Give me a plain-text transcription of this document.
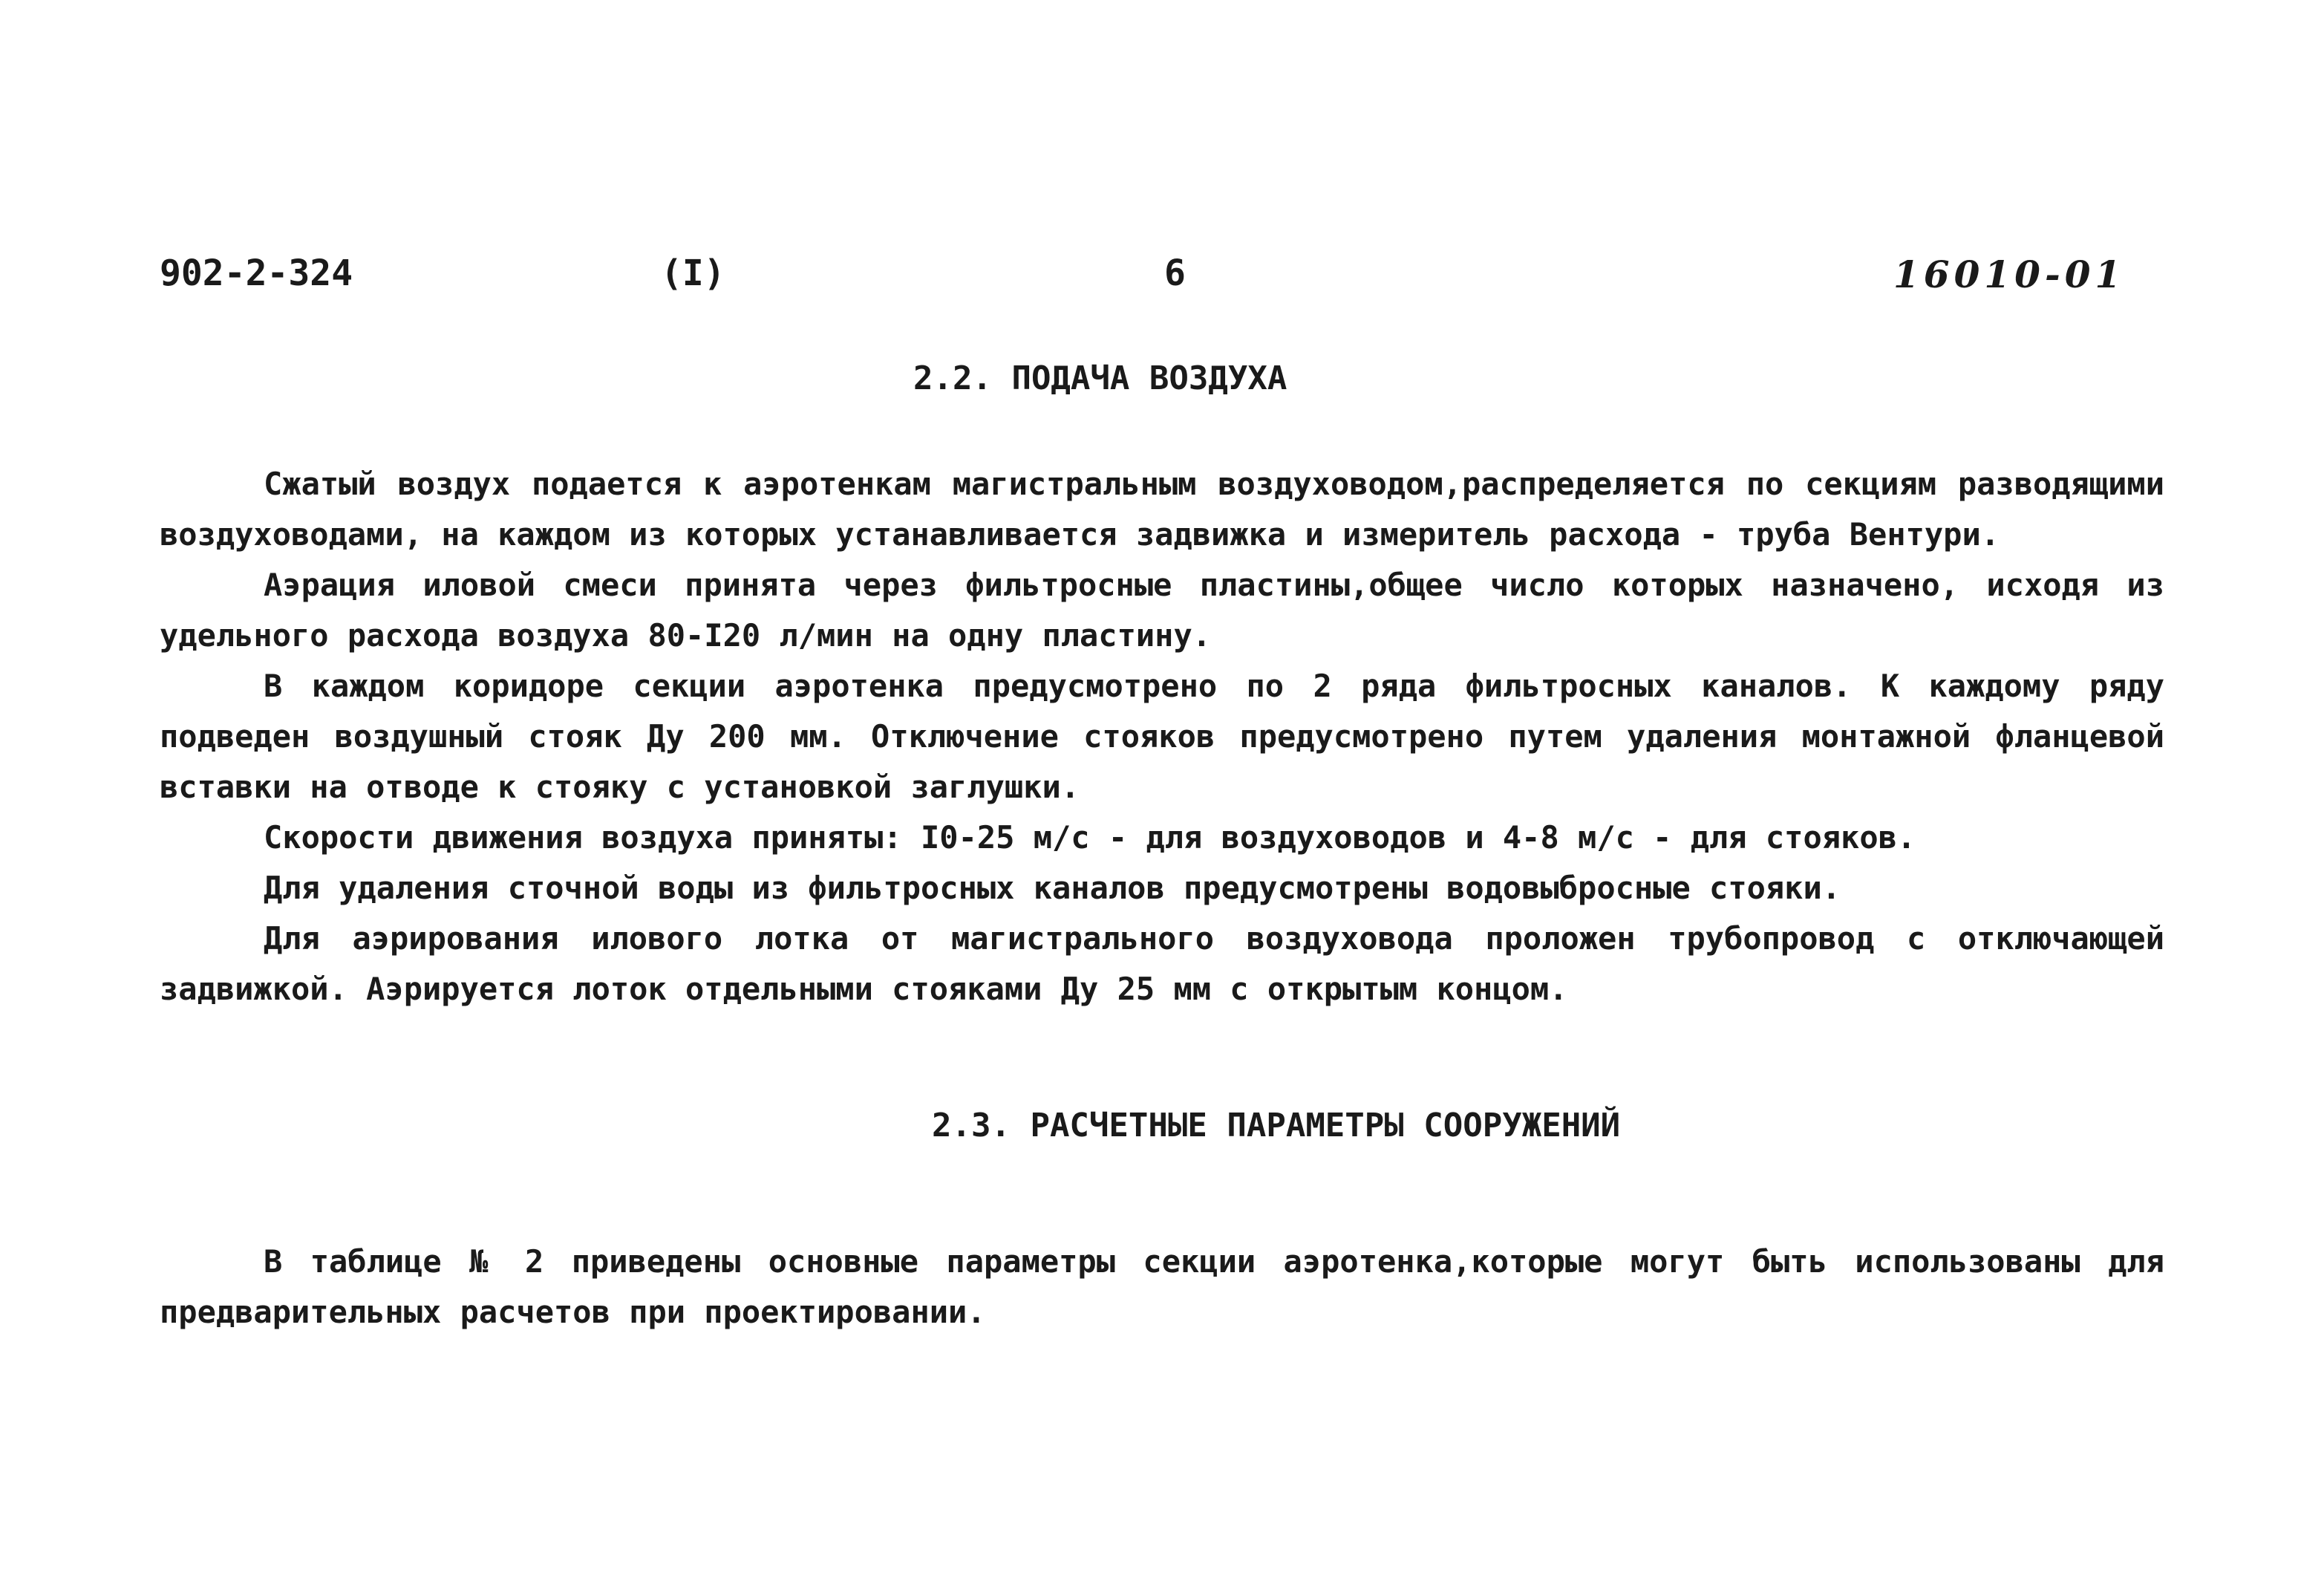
902-2-324	(I)	6	16010-01
2.2. ПОДАЧА ВОЗДУХА

Сжатый воздух подается к аэротенкам магистральным воздуховодом,распределяется по секциям разводящими воздуховодами, на каждом из которых устанавливается задвижка и измеритель расхода - труба Вентури.

Аэрация иловой смеси принята через фильтросные пластины,общее число которых назначено, исходя из удельного расхода воздуха 80-I20 л/мин на одну пластину.

В каждом коридоре секции аэротенка предусмотрено по 2 ряда фильтросных каналов. К каждому ряду подведен воздушный стояк Ду 200 мм. Отключение стояков предусмотрено путем удаления монтажной фланцевой вставки на отводе к стояку с установкой заглушки.

Скорости движения воздуха приняты: I0-25 м/с - для воздуховодов и 4-8 м/с - для стояков.

Для удаления сточной воды из фильтросных каналов предусмотрены водовыбросные стояки.

Для аэрирования илового лотка от магистрального воздуховода проложен трубопровод с отключающей задвижкой. Аэрируется лоток отдельными стояками Ду 25 мм с открытым концом.

2.3. РАСЧЕТНЫЕ ПАРАМЕТРЫ СООРУЖЕНИЙ

В таблице № 2 приведены основные параметры секции аэротенка,которые могут быть использованы для предварительных расчетов при проектировании.
